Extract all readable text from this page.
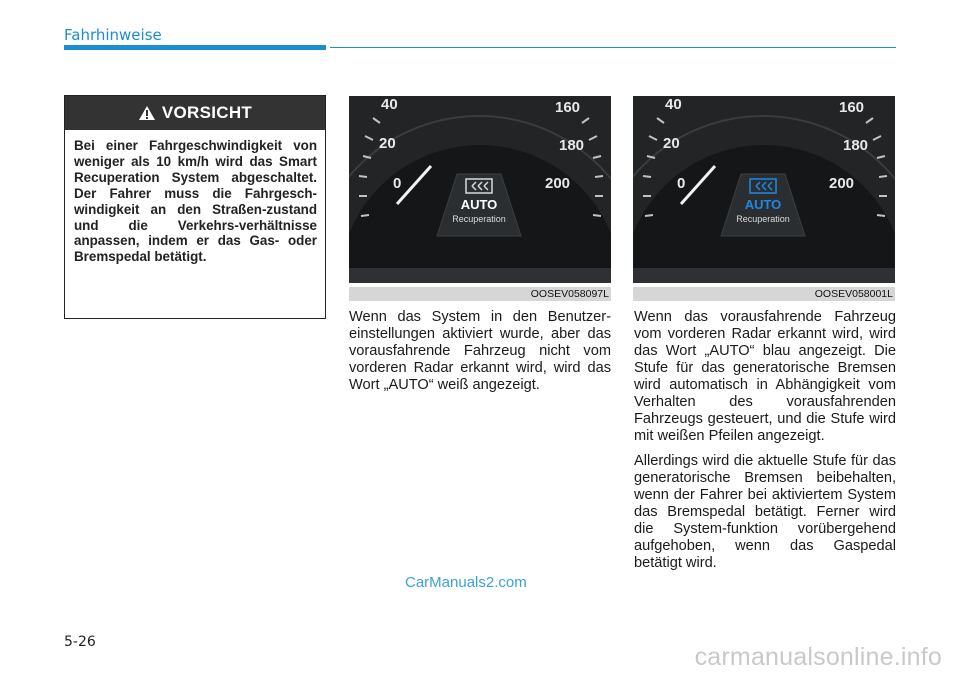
Fahrhinweise
VORSICHT
Bei einer Fahrgeschwindigkeit von weniger als 10 km/h wird das Smart Recuperation System abgeschaltet. Der Fahrer muss die Fahrgesch-windigkeit an den Straßen-zustand und die Verkehrs-verhältnisse anpassen, indem er das Gas- oder Bremspedal betätigt.
40
20
0
160
180
200
AUTO
Recuperation
OOSEV058097L
40
20
0
160
180
200
AUTO
Recuperation
OOSEV058001L

Wenn das System in den Benutzer-einstellungen aktiviert wurde, aber das vorausfahrende Fahrzeug nicht vom vorderen Radar erkannt wird, wird das Wort „AUTO“ weiß angezeigt.

Wenn das vorausfahrende Fahrzeug vom vorderen Radar erkannt wird, wird das Wort „AUTO“ blau angezeigt. Die Stufe für das generatorische Bremsen wird automatisch in Abhängigkeit vom Verhalten des vorausfahrenden Fahrzeugs gesteuert, und die Stufe wird mit weißen Pfeilen angezeigt.

Allerdings wird die aktuelle Stufe für das generatorische Bremsen beibehalten, wenn der Fahrer bei aktiviertem System das Bremspedal betätigt. Ferner wird die System-funktion vorübergehend aufgehoben, wenn das Gaspedal betätigt wird.

CarManuals2.com
5-26
carmanualsonline.info
